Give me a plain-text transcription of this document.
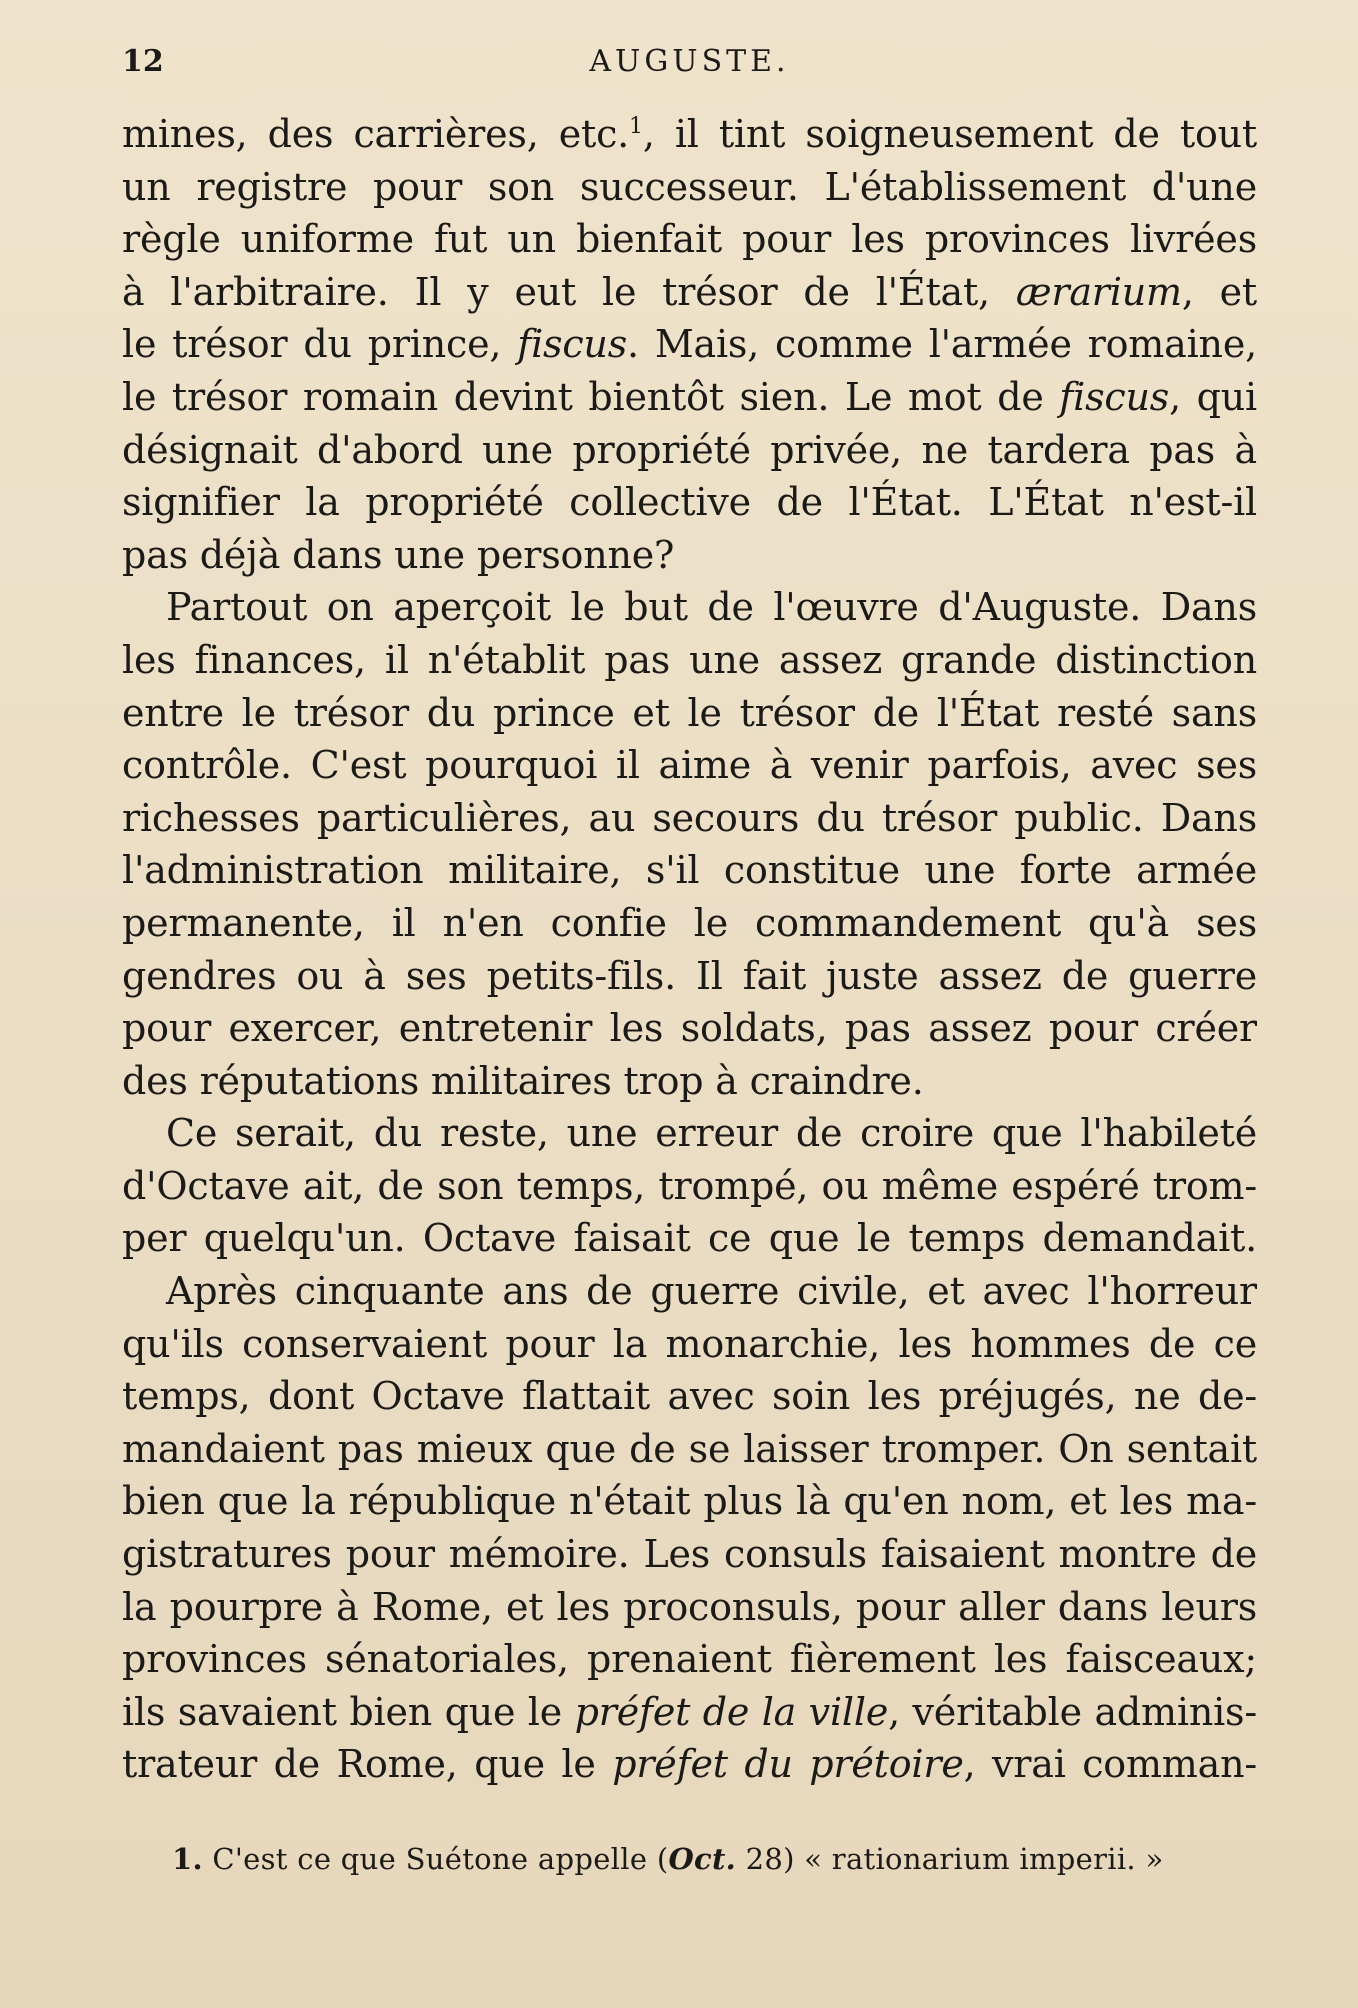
12	AUGUSTE.
mines, des carrières, etc.$^1$, il tint soigneusement de tout
un registre pour son successeur. L'établissement d'une
règle uniforme fut un bienfait pour les provinces livrées
à l'arbitraire. Il y eut le trésor de l'État, ærarium, et
le trésor du prince, fiscus. Mais, comme l'armée romaine,
le trésor romain devint bientôt sien. Le mot de fiscus, qui
désignait d'abord une propriété privée, ne tardera pas à
signifier la propriété collective de l'État. L'État n'est-il
pas déjà dans une personne?
Partout on aperçoit le but de l'œuvre d'Auguste. Dans
les finances, il n'établit pas une assez grande distinction
entre le trésor du prince et le trésor de l'État resté sans
contrôle. C'est pourquoi il aime à venir parfois, avec ses
richesses particulières, au secours du trésor public. Dans
l'administration militaire, s'il constitue une forte armée
permanente, il n'en confie le commandement qu'à ses
gendres ou à ses petits-fils. Il fait juste assez de guerre
pour exercer, entretenir les soldats, pas assez pour créer
des réputations militaires trop à craindre.
Ce serait, du reste, une erreur de croire que l'habileté
d'Octave ait, de son temps, trompé, ou même espéré trom-
per quelqu'un. Octave faisait ce que le temps demandait.
Après cinquante ans de guerre civile, et avec l'horreur
qu'ils conservaient pour la monarchie, les hommes de ce
temps, dont Octave flattait avec soin les préjugés, ne de-
mandaient pas mieux que de se laisser tromper. On sentait
bien que la république n'était plus là qu'en nom, et les ma-
gistratures pour mémoire. Les consuls faisaient montre de
la pourpre à Rome, et les proconsuls, pour aller dans leurs
provinces sénatoriales, prenaient fièrement les faisceaux;
ils savaient bien que le préfet de la ville, véritable adminis-
trateur de Rome, que le préfet du prétoire, vrai comman-
1. C'est ce que Suétone appelle (Oct. 28) « rationarium imperii. »
